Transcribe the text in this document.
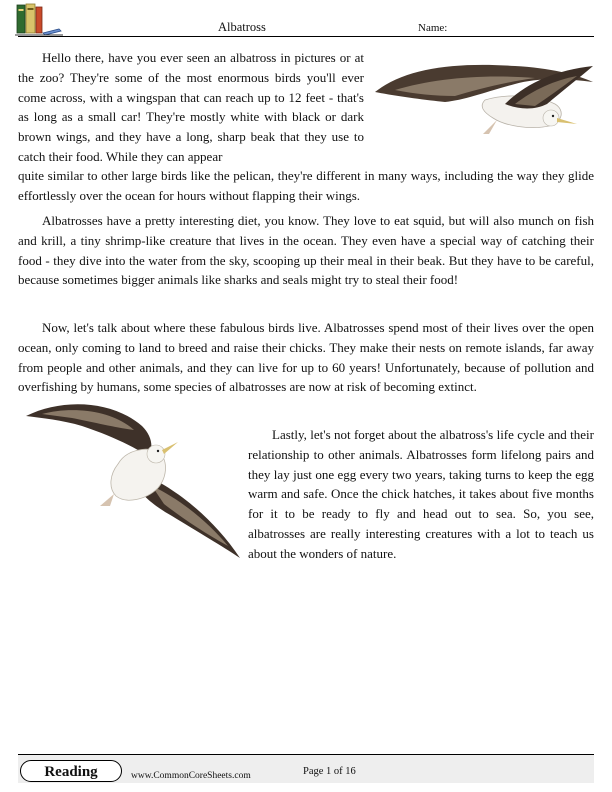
Albatross	Name:

Hello there, have you ever seen an albatross in pictures or at the zoo? They're some of the most enormous birds you'll ever come across, with a wingspan that can reach up to 12 feet - that's as long as a small car! They're mostly white with black or dark brown wings, and they have a long, sharp beak that they use to catch their food. While they can appear

quite similar to other large birds like the pelican, they're different in many ways, including the way they glide effortlessly over the ocean for hours without flapping their wings.

Albatrosses have a pretty interesting diet, you know. They love to eat squid, but will also munch on fish and krill, a tiny shrimp-like creature that lives in the ocean. They even have a special way of catching their food - they dive into the water from the sky, scooping up their meal in their beak. But they have to be careful, because sometimes bigger animals like sharks and seals might try to steal their food!

Now, let's talk about where these fabulous birds live. Albatrosses spend most of their lives over the open ocean, only coming to land to breed and raise their chicks. They make their nests on remote islands, far away from people and other animals, and they can live for up to 60 years! Unfortunately, because of pollution and overfishing by humans, some species of albatrosses are now at risk of becoming extinct.

Lastly, let's not forget about the albatross's life cycle and their relationship to other animals. Albatrosses form lifelong pairs and they lay just one egg every two years, taking turns to keep the egg warm and safe. Once the chick hatches, it takes about five months for it to be ready to fly and head out to sea. So, you see, albatrosses are really interesting creatures with a lot to teach us about the wonders of nature.

Reading	www.CommonCoreSheets.com	Page 1 of 16
